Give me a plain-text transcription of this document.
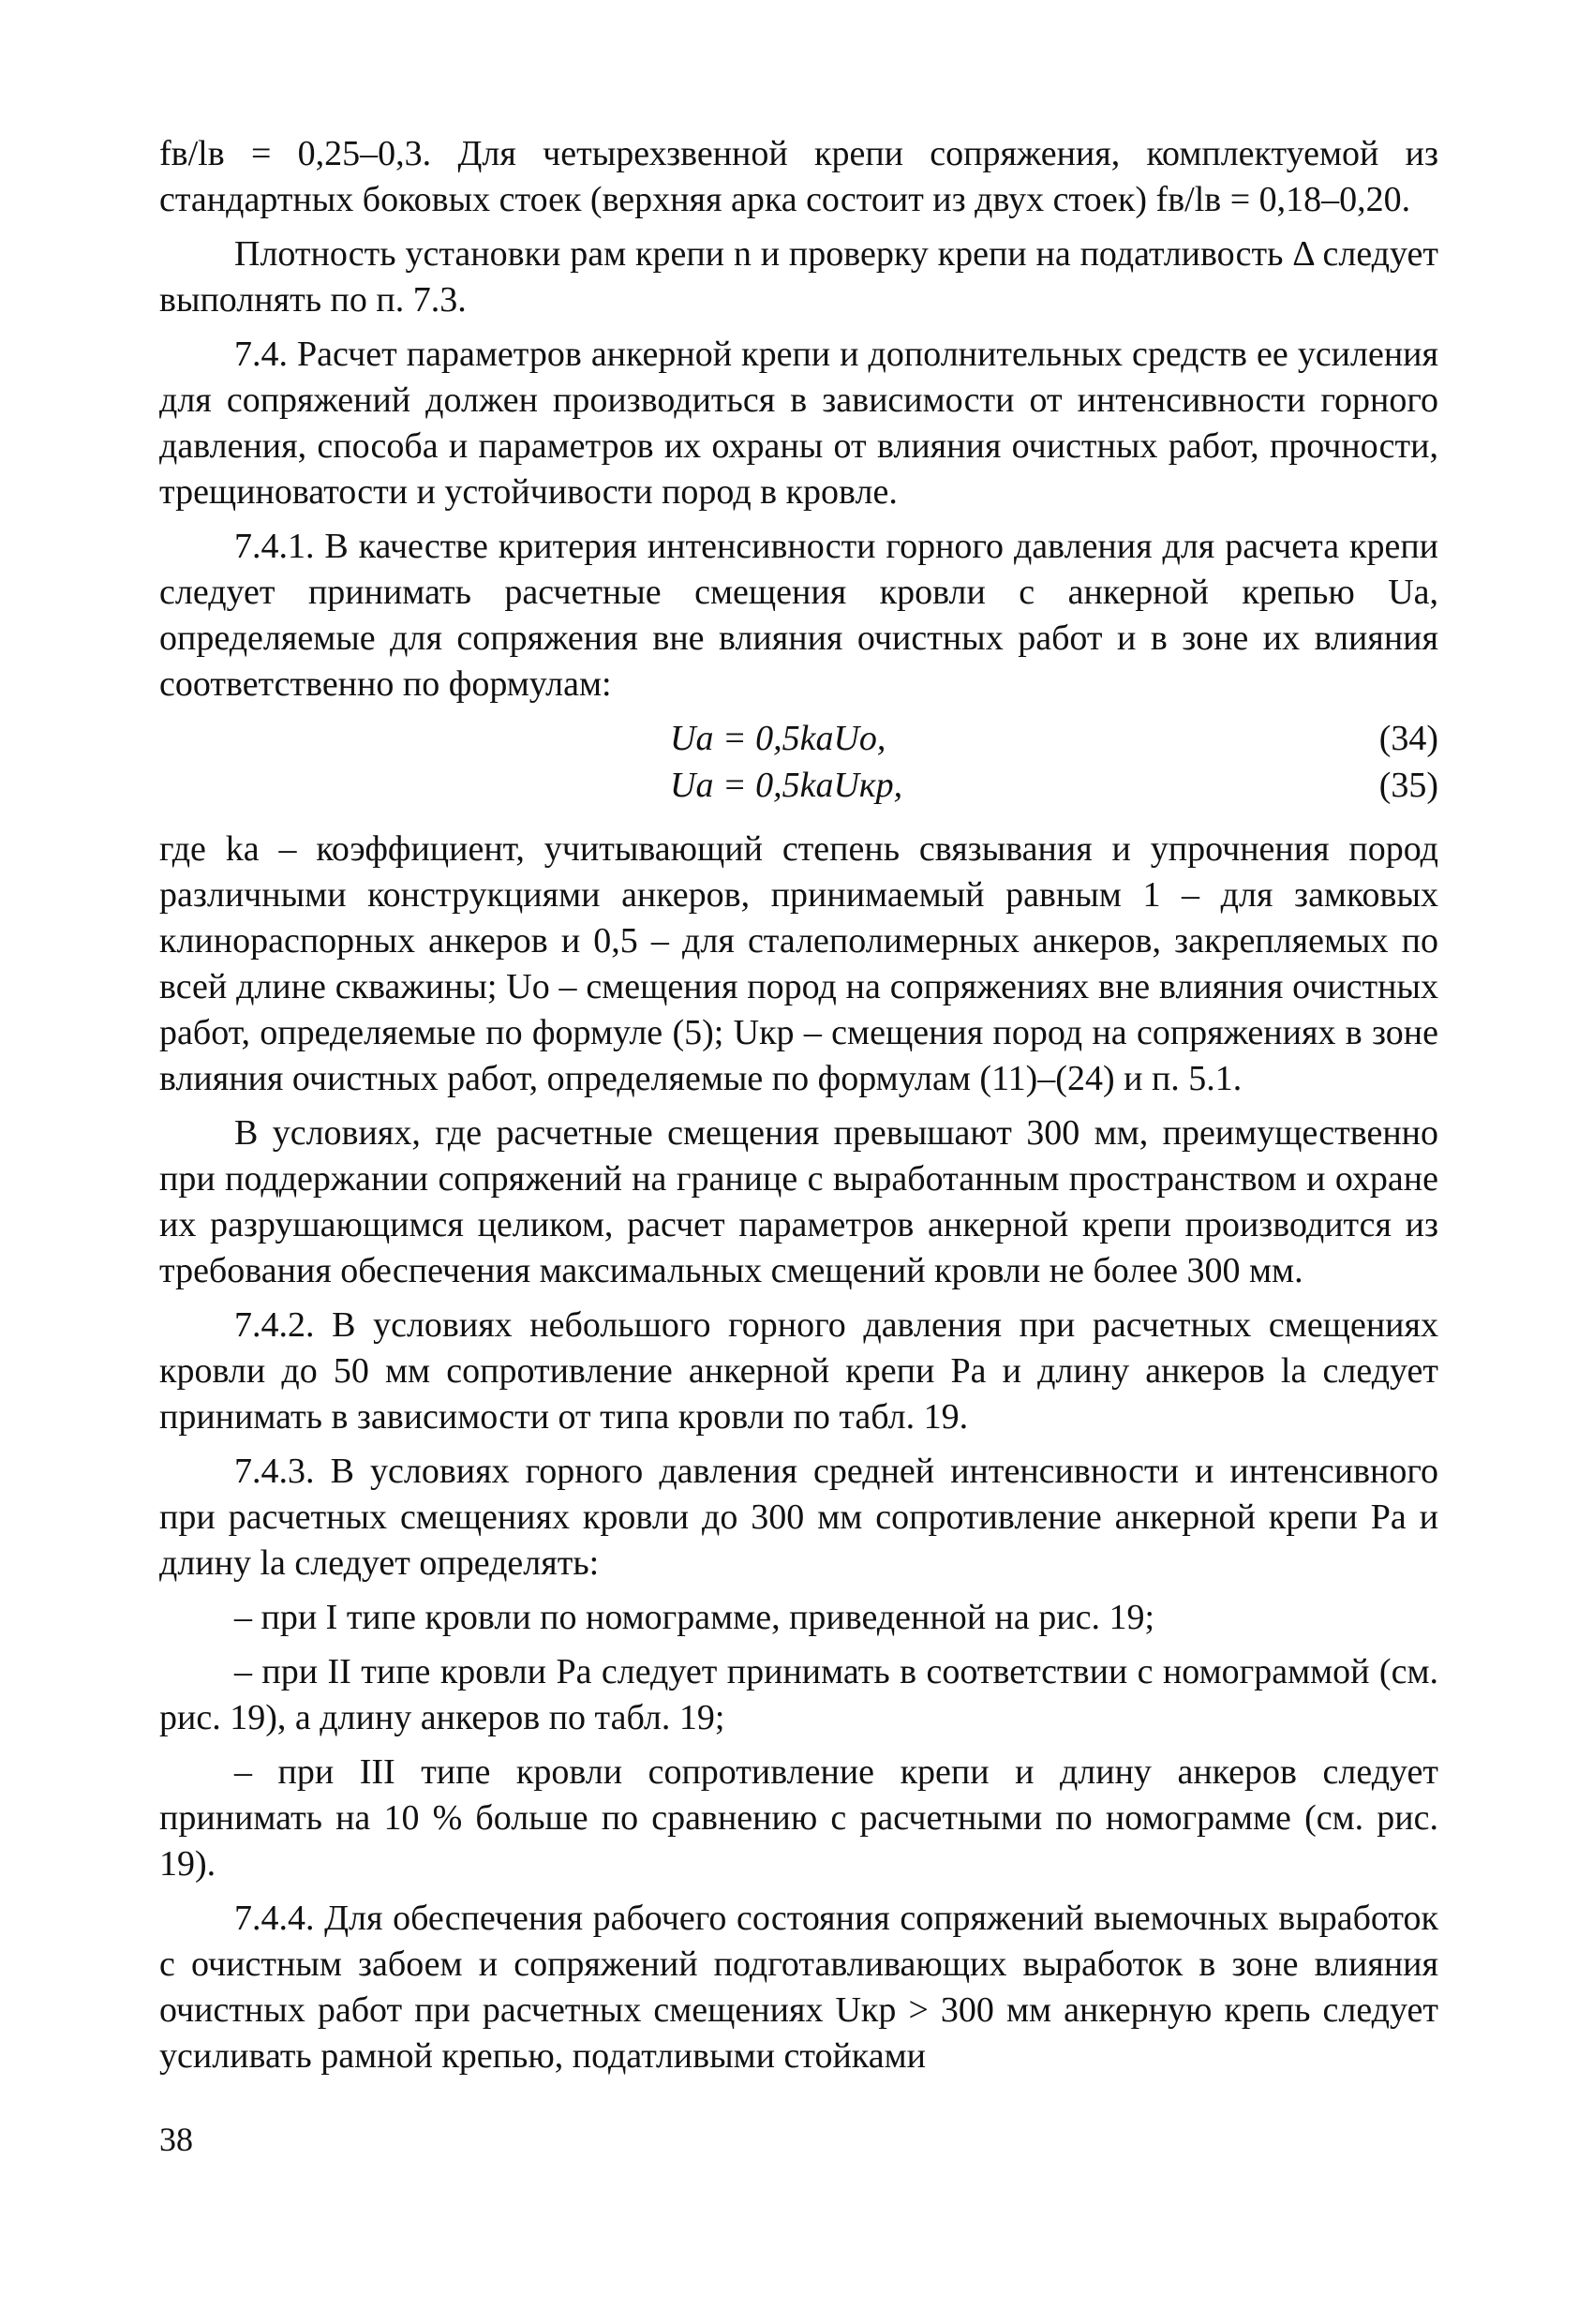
fв/lв = 0,25–0,3. Для четырехзвенной крепи сопряжения, комплектуемой из стандартных боковых стоек (верхняя арка состоит из двух стоек) fв/lв = 0,18–0,20.

Плотность установки рам крепи n и проверку крепи на податливость Δ следует выполнять по п. 7.3.

7.4. Расчет параметров анкерной крепи и дополнительных средств ее усиления для сопряжений должен производиться в зависимости от интенсивности горного давления, способа и параметров их охраны от влияния очистных работ, прочности, трещиноватости и устойчивости пород в кровле.

7.4.1. В качестве критерия интенсивности горного давления для расчета крепи следует принимать расчетные смещения кровли с анкерной крепью Uа, определяемые для сопряжения вне влияния очистных работ и в зоне их влияния соответственно по формулам:

Uа = 0,5kаUо,	(34)
Uа = 0,5kаUкр,	(35)

где kа – коэффициент, учитывающий степень связывания и упрочнения пород различными конструкциями анкеров, принимаемый равным 1 – для замковых клинораспорных анкеров и 0,5 – для сталеполимерных анкеров, закрепляемых по всей длине скважины; Uо – смещения пород на сопряжениях вне влияния очистных работ, определяемые по формуле (5); Uкр – смещения пород на сопряжениях в зоне влияния очистных работ, определяемые по формулам (11)–(24) и п. 5.1.

В условиях, где расчетные смещения превышают 300 мм, преимущественно при поддержании сопряжений на границе с выработанным пространством и охране их разрушающимся целиком, расчет параметров анкерной крепи производится из требования обеспечения максимальных смещений кровли не более 300 мм.

7.4.2. В условиях небольшого горного давления при расчетных смещениях кровли до 50 мм сопротивление анкерной крепи Pа и длину анкеров lа следует принимать в зависимости от типа кровли по табл. 19.

7.4.3. В условиях горного давления средней интенсивности и интенсивного при расчетных смещениях кровли до 300 мм сопротивление анкерной крепи Pа и длину lа следует определять:

– при I типе кровли по номограмме, приведенной на рис. 19;

– при II типе кровли Pа следует принимать в соответствии с номограммой (см. рис. 19), а длину анкеров по табл. 19;

– при III типе кровли сопротивление крепи и длину анкеров следует принимать на 10 % больше по сравнению с расчетными по номограмме (см. рис. 19).

7.4.4. Для обеспечения рабочего состояния сопряжений выемочных выработок с очистным забоем и сопряжений подготавливающих выработок в зоне влияния очистных работ при расчетных смещениях Uкр > 300 мм анкерную крепь следует усиливать рамной крепью, податливыми стойками

38
